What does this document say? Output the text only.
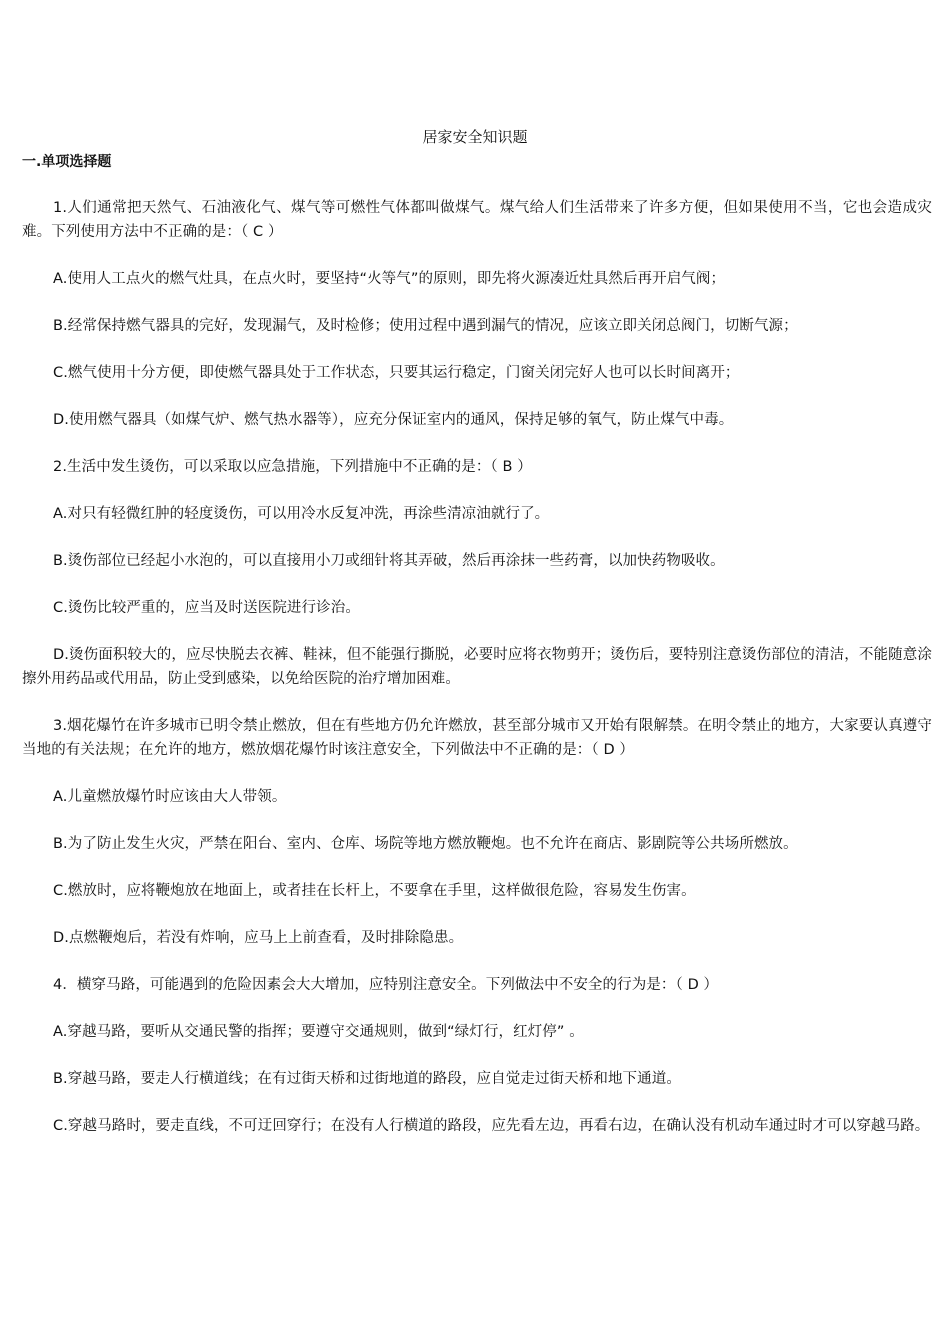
居家安全知识题
一.单项选择题

1.人们通常把天然气、石油液化气、煤气等可燃性气体都叫做煤气。煤气给人们生活带来了许多方便，但如果使用不当，它也会造成灾难。下列使用方法中不正确的是：（ C ）

A.使用人工点火的燃气灶具，在点火时，要坚持“火等气”的原则，即先将火源凑近灶具然后再开启气阀；

B.经常保持燃气器具的完好，发现漏气，及时检修；使用过程中遇到漏气的情况，应该立即关闭总阀门，切断气源；

C.燃气使用十分方便，即使燃气器具处于工作状态，只要其运行稳定，门窗关闭完好人也可以长时间离开；

D.使用燃气器具（如煤气炉、燃气热水器等），应充分保证室内的通风，保持足够的氧气，防止煤气中毒。

2.生活中发生烫伤，可以采取以应急措施，下列措施中不正确的是：（ B ）

A.对只有轻微红肿的轻度烫伤，可以用冷水反复冲洗，再涂些清凉油就行了。

B.烫伤部位已经起小水泡的，可以直接用小刀或细针将其弄破，然后再涂抹一些药膏，以加快药物吸收。

C.烫伤比较严重的，应当及时送医院进行诊治。

D.烫伤面积较大的，应尽快脱去衣裤、鞋袜，但不能强行撕脱，必要时应将衣物剪开；烫伤后，要特别注意烫伤部位的清洁，不能随意涂擦外用药品或代用品，防止受到感染，以免给医院的治疗增加困难。

3.烟花爆竹在许多城市已明令禁止燃放，但在有些地方仍允许燃放，甚至部分城市又开始有限解禁。在明令禁止的地方，大家要认真遵守当地的有关法规；在允许的地方，燃放烟花爆竹时该注意安全，下列做法中不正确的是：（ D ）

A.儿童燃放爆竹时应该由大人带领。

B.为了防止发生火灾，严禁在阳台、室内、仓库、场院等地方燃放鞭炮。也不允许在商店、影剧院等公共场所燃放。

C.燃放时，应将鞭炮放在地面上，或者挂在长杆上，不要拿在手里，这样做很危险，容易发生伤害。

D.点燃鞭炮后，若没有炸响，应马上上前查看，及时排除隐患。

4．横穿马路，可能遇到的危险因素会大大增加，应特别注意安全。下列做法中不安全的行为是：（ D ）

A.穿越马路，要听从交通民警的指挥；要遵守交通规则，做到“绿灯行，红灯停” 。

B.穿越马路，要走人行横道线；在有过街天桥和过街地道的路段，应自觉走过街天桥和地下通道。

C.穿越马路时，要走直线，不可迂回穿行；在没有人行横道的路段，应先看左边，再看右边，在确认没有机动车通过时才可以穿越马路。
